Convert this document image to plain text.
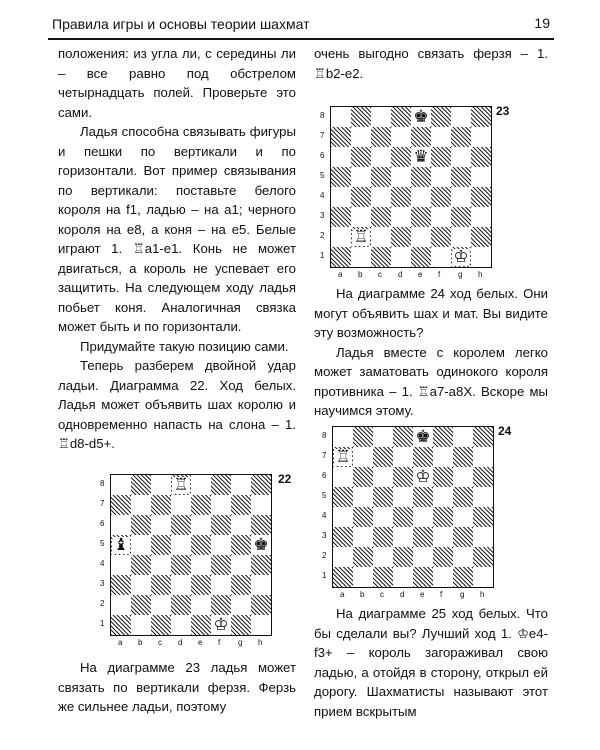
Правила игры и основы теории шахмат	19

положения: из угла ли, с середины ли – все равно под обстрелом четырнадцать полей. Проверьте это сами.

Ладья способна связывать фигуры и пешки по вертикали и по горизонтали. Вот пример связывания по вертикали: поставьте белого короля на f1, ладью – на a1; черного короля на e8, а коня – на e5. Белые играют 1. ♖a1-e1. Конь не может двигаться, а король не успевает его защитить. На следующем ходу ладья побьет коня. Аналогичная связка может быть и по горизонтали.

Придумайте такую позицию сами.

Теперь разберем двойной удар ладьи. Диаграмма 22. Ход белых. Ладья может объявить шах королю и одновременно напасть на слона – 1. ♖d8-d5+.

На диаграмме 23 ладья может связать по вертикали ферзя. Ферзь же сильнее ладьи, поэтому

очень выгодно связать ферзя – 1. ♖b2-e2.

На диаграмме 24 ход белых. Они могут объявить шах и мат. Вы видите эту возможность?

Ладья вместе с королем легко может заматовать одинокого короля противника – 1. ♖a7-a8X. Вскоре мы научимся этому.

На диаграмме 25 ход белых. Что бы сделали вы? Лучший ход 1. ♔e4-f3+ – король загораживал свою ладью, а отойдя в сторону, открыл ей дорогу. Шахматисты называют этот прием вскрытым

♖
♝	♚
♔
22
8
7
6
5
4
3
2
1
a b c d e f g h
♚
♛
♖
♔
23
8
7
6
5
4
3
2
1
a b c d e f g h
♚
♖
♔
24
8
7
6
5
4
3
2
1
a b c d e f g h
